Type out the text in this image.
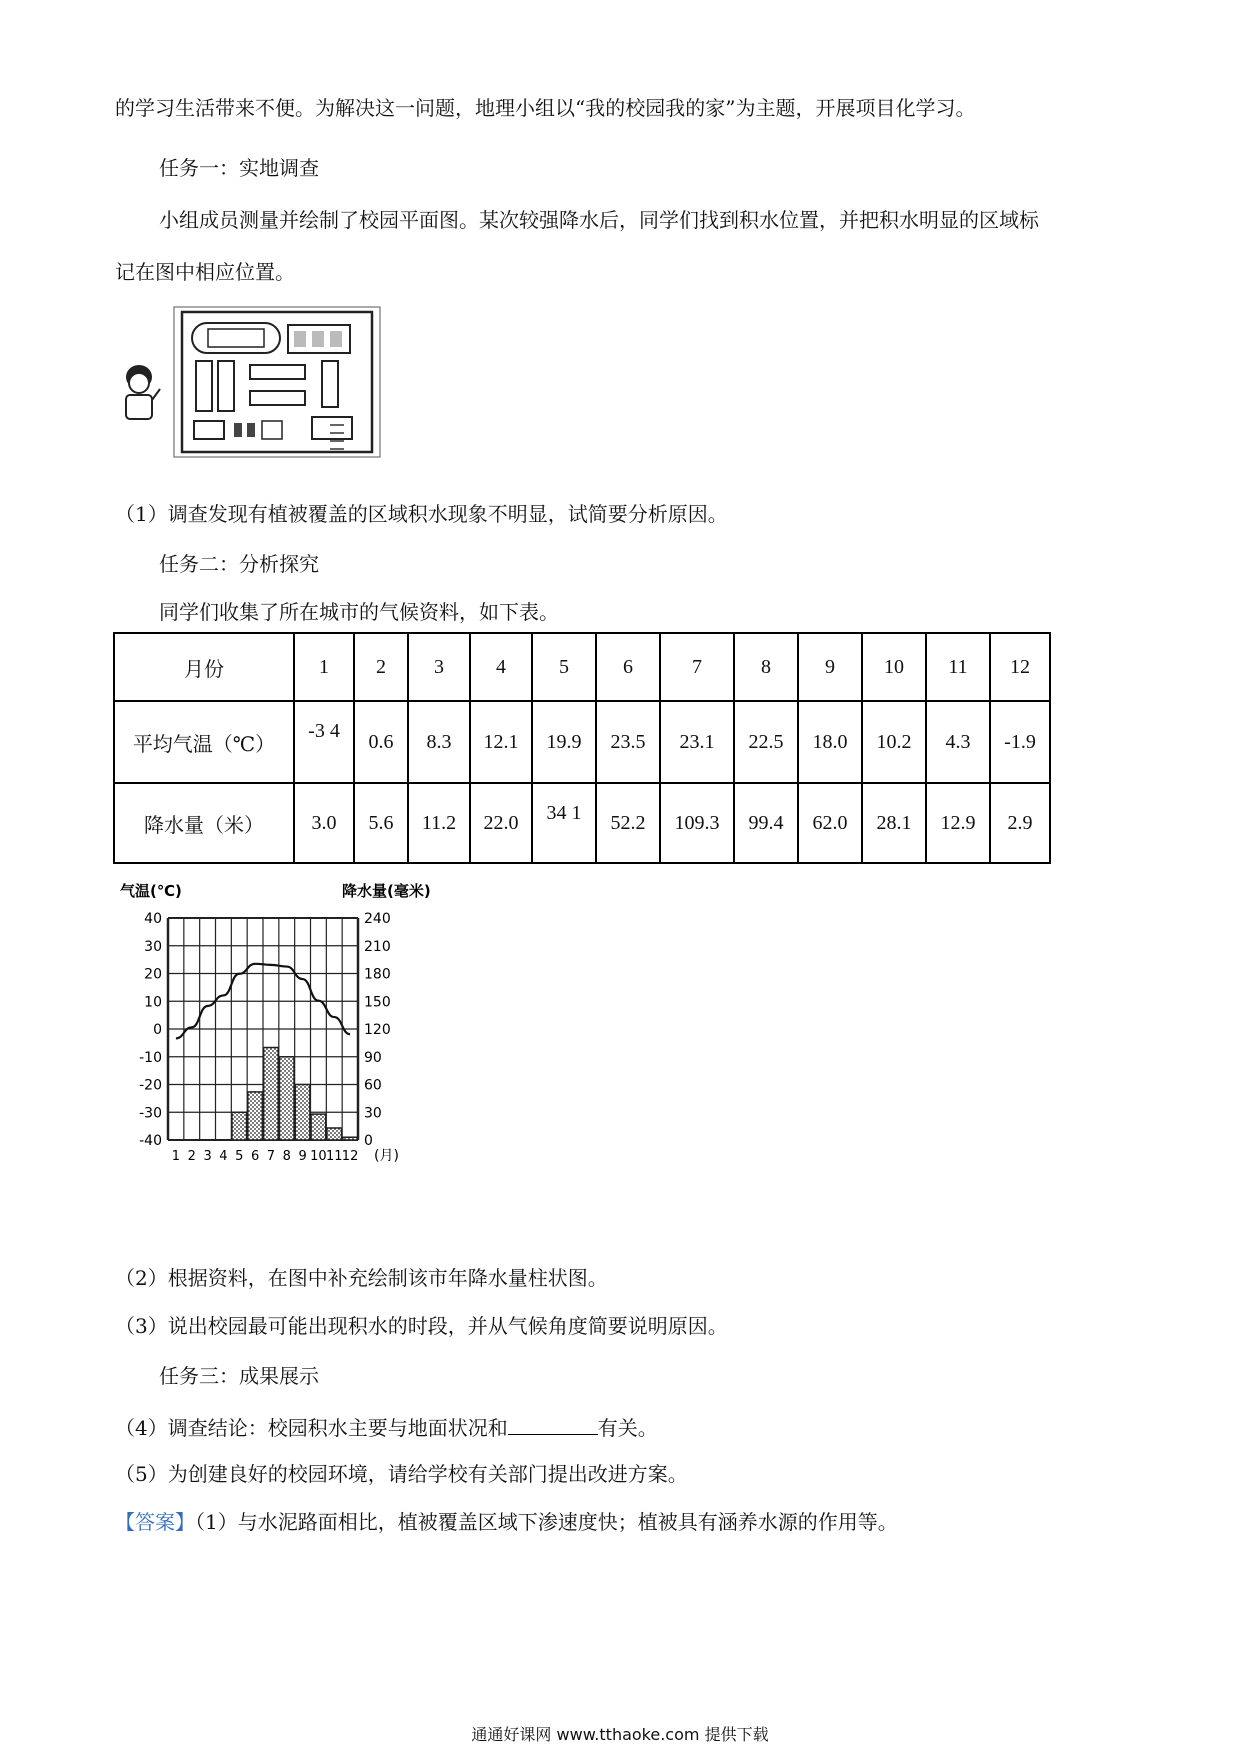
的学习生活带来不便。为解决这一问题，地理小组以“我的校园我的家”为主题，开展项目化学习。
任务一：实地调查
小组成员测量并绘制了校园平面图。某次较强降水后，同学们找到积水位置，并把积水明显的区域标
记在图中相应位置。
（1）调查发现有植被覆盖的区域积水现象不明显，试简要分析原因。
任务二：分析探究
同学们收集了所在城市的气候资料，如下表。
月份	1	2	3	4	5	6	7	8	9	10	11	12
平均气温（℃）	-3 4	0.6	8.3	12.1	19.9	23.5	23.1	22.5	18.0	10.2	4.3	-1.9
降水量（米）	3.0	5.6	11.2	22.0	34 1	52.2	109.3	99.4	62.0	28.1	12.9	2.9
气温(℃)	降水量(毫米)
40
30
20
10
0
-10
-20
-30
-40
240
210
180
150
120
90
60
30
0
1 2 3 4 5 6 7 8 9 10 11 12 (月)
（2）根据资料，在图中补充绘制该市年降水量柱状图。
（3）说出校园最可能出现积水的时段，并从气候角度简要说明原因。
任务三：成果展示
（4）调查结论：校园积水主要与地面状况和	有关。
（5）为创建良好的校园环境，请给学校有关部门提出改进方案。
【答案】（1）与水泥路面相比，植被覆盖区域下渗速度快；植被具有涵养水源的作用等。
通通好课网 www.tthaoke.com 提供下载
